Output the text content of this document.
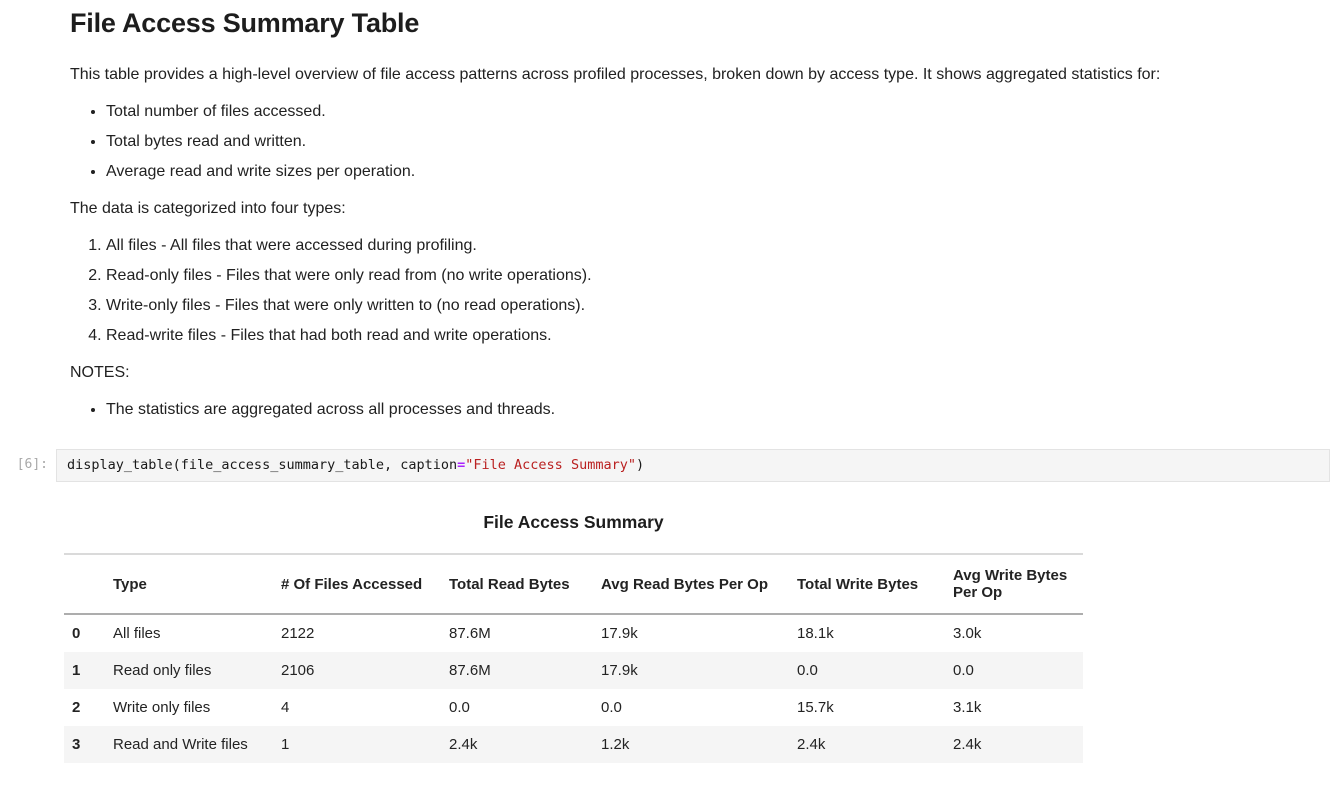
File Access Summary Table

This table provides a high-level overview of file access patterns across profiled processes, broken down by access type. It shows aggregated statistics for:

• Total number of files accessed.
• Total bytes read and written.
• Average read and write sizes per operation.

The data is categorized into four types:

1. All files - All files that were accessed during profiling.
2. Read-only files - Files that were only read from (no write operations).
3. Write-only files - Files that were only written to (no read operations).
4. Read-write files - Files that had both read and write operations.

NOTES:

• The statistics are aggregated across all processes and threads.
[6]:	display_table(file_access_summary_table, caption="File Access Summary")
File Access Summary
	Type	# Of Files Accessed	Total Read Bytes	Avg Read Bytes Per Op	Total Write Bytes	Avg Write Bytes Per Op
0	All files	2122	87.6M	17.9k	18.1k	3.0k
1	Read only files	2106	87.6M	17.9k	0.0	0.0
2	Write only files	4	0.0	0.0	15.7k	3.1k
3	Read and Write files	1	2.4k	1.2k	2.4k	2.4k
